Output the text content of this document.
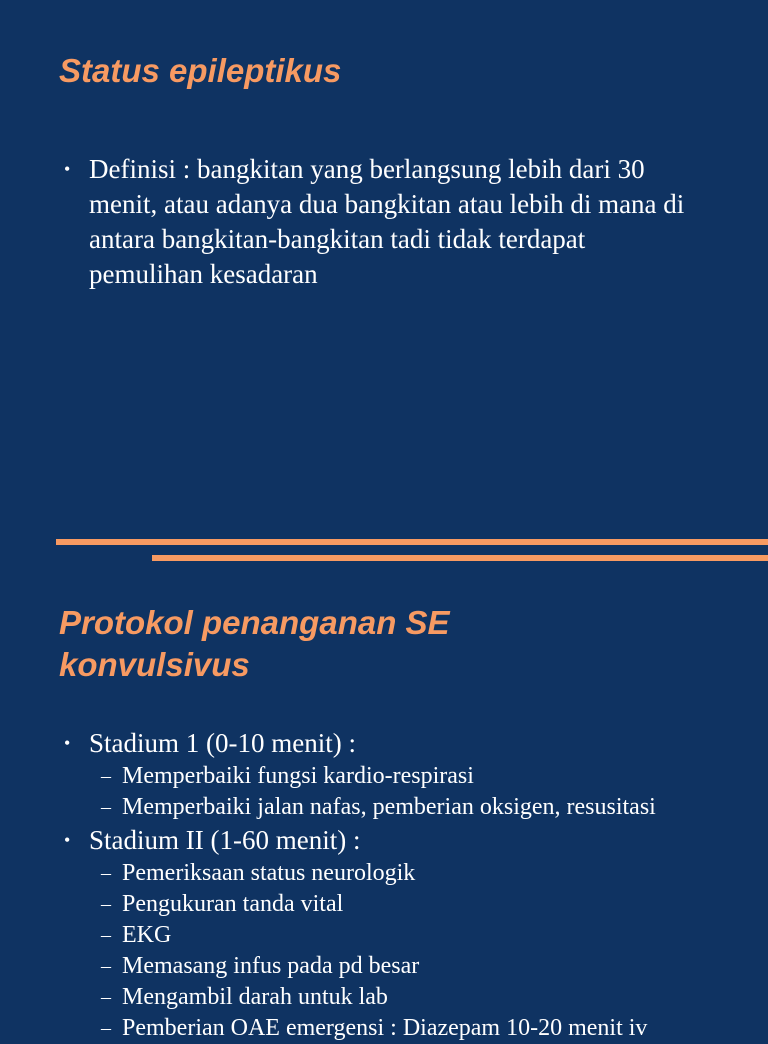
Status epileptikus
• Definisi : bangkitan yang berlangsung lebih dari 30 menit, atau adanya dua bangkitan atau lebih di mana di antara bangkitan-bangkitan tadi tidak terdapat pemulihan kesadaran
Protokol penanganan SE konvulsivus
• Stadium 1 (0-10 menit) :
– Memperbaiki fungsi kardio-respirasi
– Memperbaiki jalan nafas, pemberian oksigen, resusitasi
• Stadium II (1-60 menit) :
– Pemeriksaan status neurologik
– Pengukuran tanda vital
– EKG
– Memasang infus pada pd besar
– Mengambil darah untuk lab
– Pemberian OAE emergensi : Diazepam 10-20 menit iv
